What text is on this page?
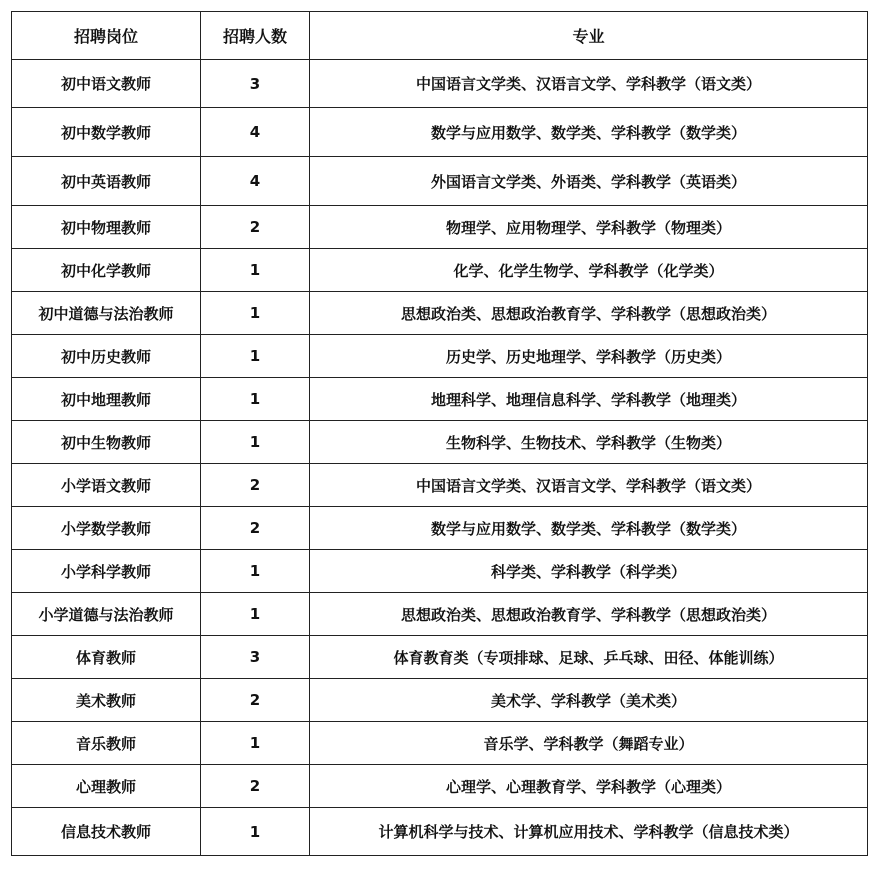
招聘岗位	招聘人数	专业
初中语文教师	3	中国语言文学类、汉语言文学、学科教学（语文类）
初中数学教师	4	数学与应用数学、数学类、学科教学（数学类）
初中英语教师	4	外国语言文学类、外语类、学科教学（英语类）
初中物理教师	2	物理学、应用物理学、学科教学（物理类）
初中化学教师	1	化学、化学生物学、学科教学（化学类）
初中道德与法治教师	1	思想政治类、思想政治教育学、学科教学（思想政治类）
初中历史教师	1	历史学、历史地理学、学科教学（历史类）
初中地理教师	1	地理科学、地理信息科学、学科教学（地理类）
初中生物教师	1	生物科学、生物技术、学科教学（生物类）
小学语文教师	2	中国语言文学类、汉语言文学、学科教学（语文类）
小学数学教师	2	数学与应用数学、数学类、学科教学（数学类）
小学科学教师	1	科学类、学科教学（科学类）
小学道德与法治教师	1	思想政治类、思想政治教育学、学科教学（思想政治类）
体育教师	3	体育教育类（专项排球、足球、乒乓球、田径、体能训练）
美术教师	2	美术学、学科教学（美术类）
音乐教师	1	音乐学、学科教学（舞蹈专业）
心理教师	2	心理学、心理教育学、学科教学（心理类）
信息技术教师	1	计算机科学与技术、计算机应用技术、学科教学（信息技术类）
